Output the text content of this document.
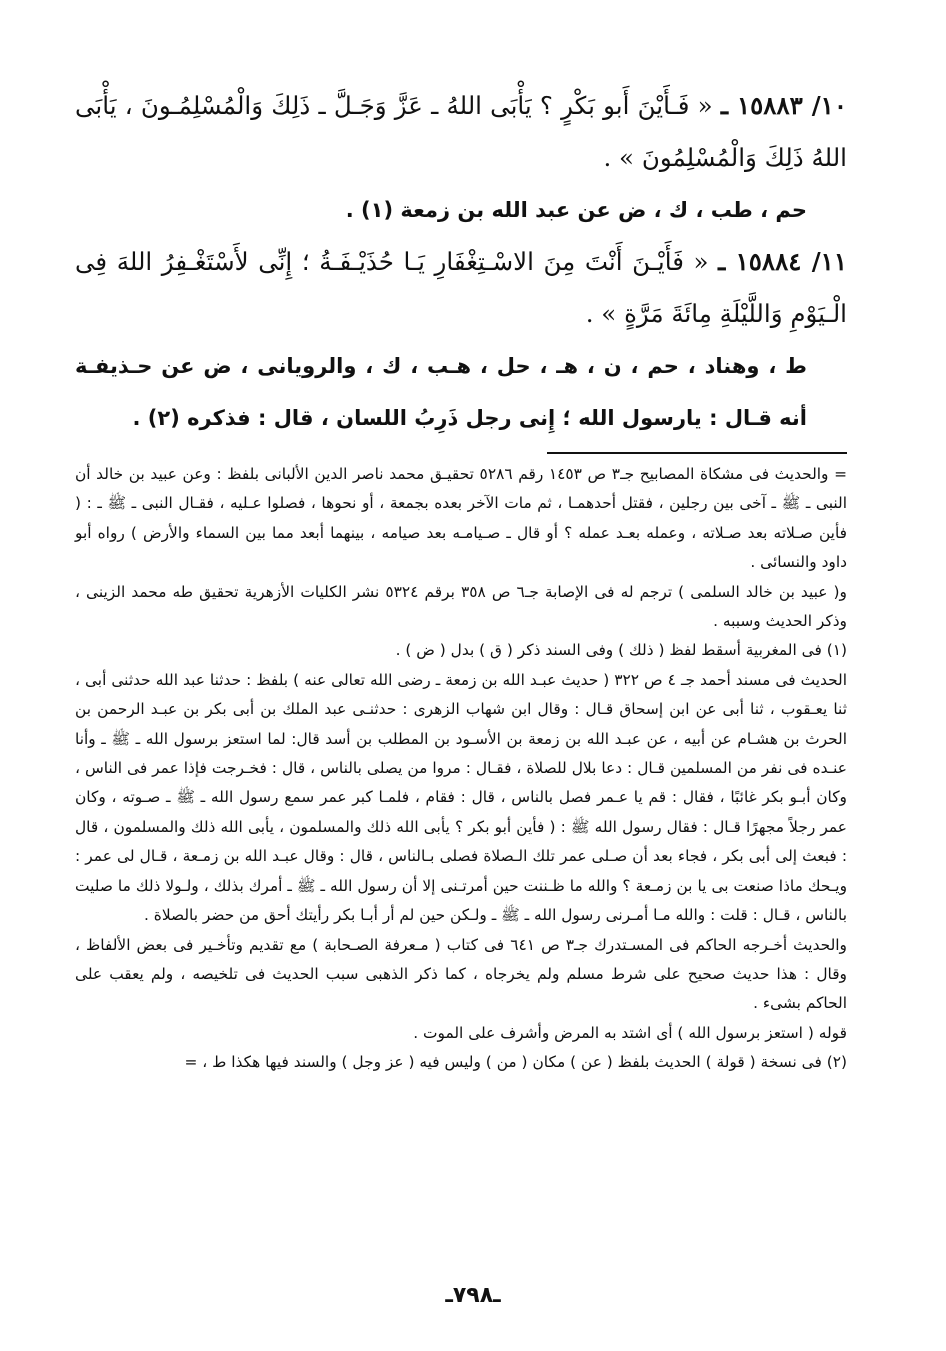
١٠/ ١٥٨٨٣ ـ « فَـأَيْنَ أَبو بَكْرٍ ؟ يَأْبَى اللهُ ـ عَزَّ وَجَـلَّ ـ ذَلِكَ وَالْمُسْلِمُـونَ ، يَأْبَى اللهُ ذَلِكَ وَالْمُسْلِمُونَ » .

حم ، طب ، ك ، ض عن عبد الله بن زمعة (١) .

١١/ ١٥٨٨٤ ـ « فَأَيْـنَ أَنْتَ مِنَ الاسْـتِغْفَارِ يَـا حُذَيْـفَـةُ ؛ إِنِّى لأَسْتَغْـفِرُ اللهَ فِى الْـيَوْمِ وَاللَّيْلَةِ مِائَةَ مَرَّةٍ » .

ط ، وهناد ، حم ، ن ، هـ ، حل ، هـب ، ك ، والرويانى ، ض عن حـذيفـة أنه قـال : يارسول الله ؛ إِنى رجل ذَرِبُ اللسان ، قال : فذكره (٢) .

= والحديث فى مشكاة المصابيح جـ٣ ص ١٤٥٣ رقم ٥٢٨٦ تحقيـق محمد ناصر الدين الألبانى بلفظ : وعن عبيد بن خالد أن النبى ـ ﷺ ـ آخى بين رجلين ، فقتل أحدهمـا ، ثم مات الآخر بعده بجمعة ، أو نحوها ، فصلوا عـليه ، فقـال النبى ـ ﷺ ـ : ( فأين صـلاته بعد صـلاته ، وعمله بعـد عمله ؟ أو قال ـ صـيامـه بعد صيامه ، بينهما أبعد مما بين السماء والأرض ) رواه أبو داود والنسائى .

و( عبيد بن خالد السلمى ) ترجم له فى الإصابة جـ٦ ص ٣٥٨ برقم ٥٣٢٤ نشر الكليات الأزهرية تحقيق طه محمد الزينى ، وذكر الحديث وسببه .

(١) فى المغربية أسقط لفظ ( ذلك ) وفى السند ذكر ( ق ) بدل ( ض ) .

الحديث فى مسند أحمد جـ ٤ ص ٣٢٢ ( حديث عبـد الله بن زمعة ـ رضى الله تعالى عنه ) بلفظ : حدثنا عبد الله حدثنى أبى ، ثنا يعـقوب ، ثنا أبى عن ابن إسحاق قـال : وقال ابن شهاب الزهرى : حدثنـى عبد الملك بن أبى بكر بن عبـد الرحمن بن الحرث بن هشـام عن أبيه ، عن عبـد الله بن زمعة بن الأسـود بن المطلب بن أسد قال: لما استعز برسول الله ـ ﷺ ـ وأنا عنـده فى نفر من المسلمين قـال : دعا بلال للصلاة ، فقـال : مروا من يصلى بالناس ، قال : فخـرجت فإذا عمر فى الناس ، وكان أبـو بكر غائبًا ، فقال : قم يا عـمر فصل بالناس ، قال : فقام ، فلمـا كبر عمر سمع رسول الله ـ ﷺ ـ صـوته ، وكان عمر رجلاً مجهرًا قـال : فقال رسول الله ﷺ : ( فأين أبو بكر ؟ يأبى الله ذلك والمسلمون ، يأبى الله ذلك والمسلمون ، قال : فبعث إلى أبى بكر ، فجاء بعد أن صـلى عمر تلك الـصلاة فصلى بـالناس ، قال : وقال عبـد الله بن زمـعة ، قـال لى عمر : ويـحك ماذا صنعت بى يا بن زمـعة ؟ والله ما ظـننت حين أمرتـنى إلا أن رسول الله ـ ﷺ ـ أمرك بذلك ، ولـولا ذلك ما صليت بالناس ، قـال : قلت : والله مـا أمـرنى رسول الله ـ ﷺ ـ ولـكن حين لم أر أبـا بكر رأيتك أحق من حضر بالصلاة .

والحديث أخـرجه الحاكم فى المسـتدرك جـ٣ ص ٦٤١ فى كتاب ( مـعرفة الصـحابة ) مع تقديم وتأخـير فى بعض الألفاظ ، وقال : هذا حديث صحيح على شرط مسلم ولم يخرجاه ، كما ذكر الذهبى سبب الحديث فى تلخيصه ، ولم يعقب على الحاكم بشىء .

قوله ( استعز برسول الله ) أى اشتد به المرض وأشرف على الموت .

(٢) فى نسخة ( قولة ) الحديث بلفظ ( عن ) مكان ( من ) وليس فيه ( عز وجل ) والسند فيها هكذا ط ، =

ـ٧٩٨ـ
